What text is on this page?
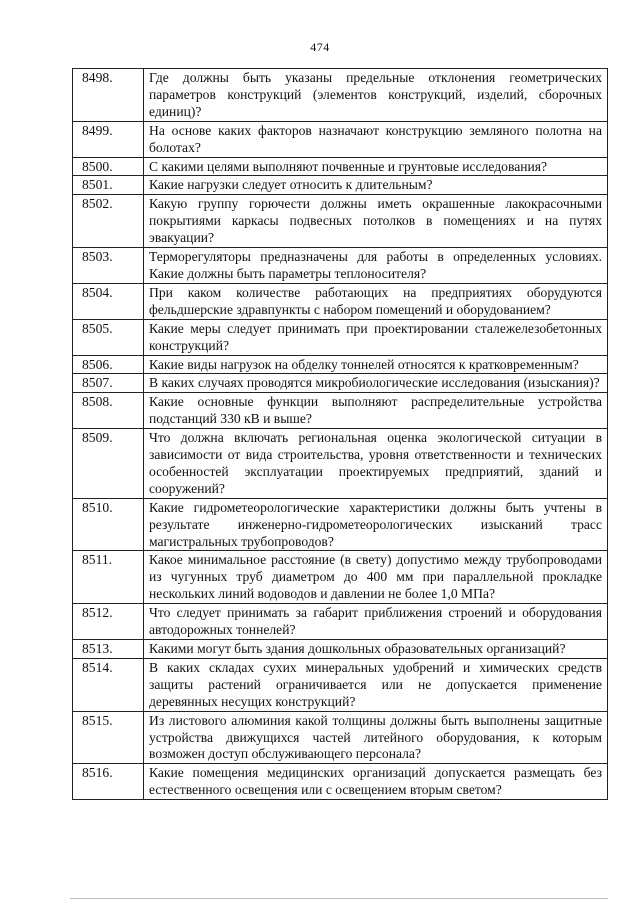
474
8498.	Где должны быть указаны предельные отклонения геометрических параметров конструкций (элементов конструкций, изделий, сборочных единиц)?
8499.	На основе каких факторов назначают конструкцию земляного полотна на болотах?
8500.	С какими целями выполняют почвенные и грунтовые исследования?
8501.	Какие нагрузки следует относить к длительным?
8502.	Какую группу горючести должны иметь окрашенные лакокрасочными покрытиями каркасы подвесных потолков в помещениях и на путях эвакуации?
8503.	Терморегуляторы предназначены для работы в определенных условиях. Какие должны быть параметры теплоносителя?
8504.	При каком количестве работающих на предприятиях оборудуются фельдшерские здравпункты с набором помещений и оборудованием?
8505.	Какие меры следует принимать при проектировании сталежелезобетонных конструкций?
8506.	Какие виды нагрузок на обделку тоннелей относятся к кратковременным?
8507.	В каких случаях проводятся микробиологические исследования (изыскания)?
8508.	Какие основные функции выполняют распределительные устройства подстанций 330 кВ и выше?
8509.	Что должна включать региональная оценка экологической ситуации в зависимости от вида строительства, уровня ответственности и технических особенностей эксплуатации проектируемых предприятий, зданий и сооружений?
8510.	Какие гидрометеорологические характеристики должны быть учтены в результате инженерно-гидрометеорологических изысканий трасс магистральных трубопроводов?
8511.	Какое минимальное расстояние (в свету) допустимо между трубопроводами из чугунных труб диаметром до 400 мм при параллельной прокладке нескольких линий водоводов и давлении не более 1,0 МПа?
8512.	Что следует принимать за габарит приближения строений и оборудования автодорожных тоннелей?
8513.	Какими могут быть здания дошкольных образовательных организаций?
8514.	В каких складах сухих минеральных удобрений и химических средств защиты растений ограничивается или не допускается применение деревянных несущих конструкций?
8515.	Из листового алюминия какой толщины должны быть выполнены защитные устройства движущихся частей литейного оборудования, к которым возможен доступ обслуживающего персонала?
8516.	Какие помещения медицинских организаций допускается размещать без естественного освещения или с освещением вторым светом?
